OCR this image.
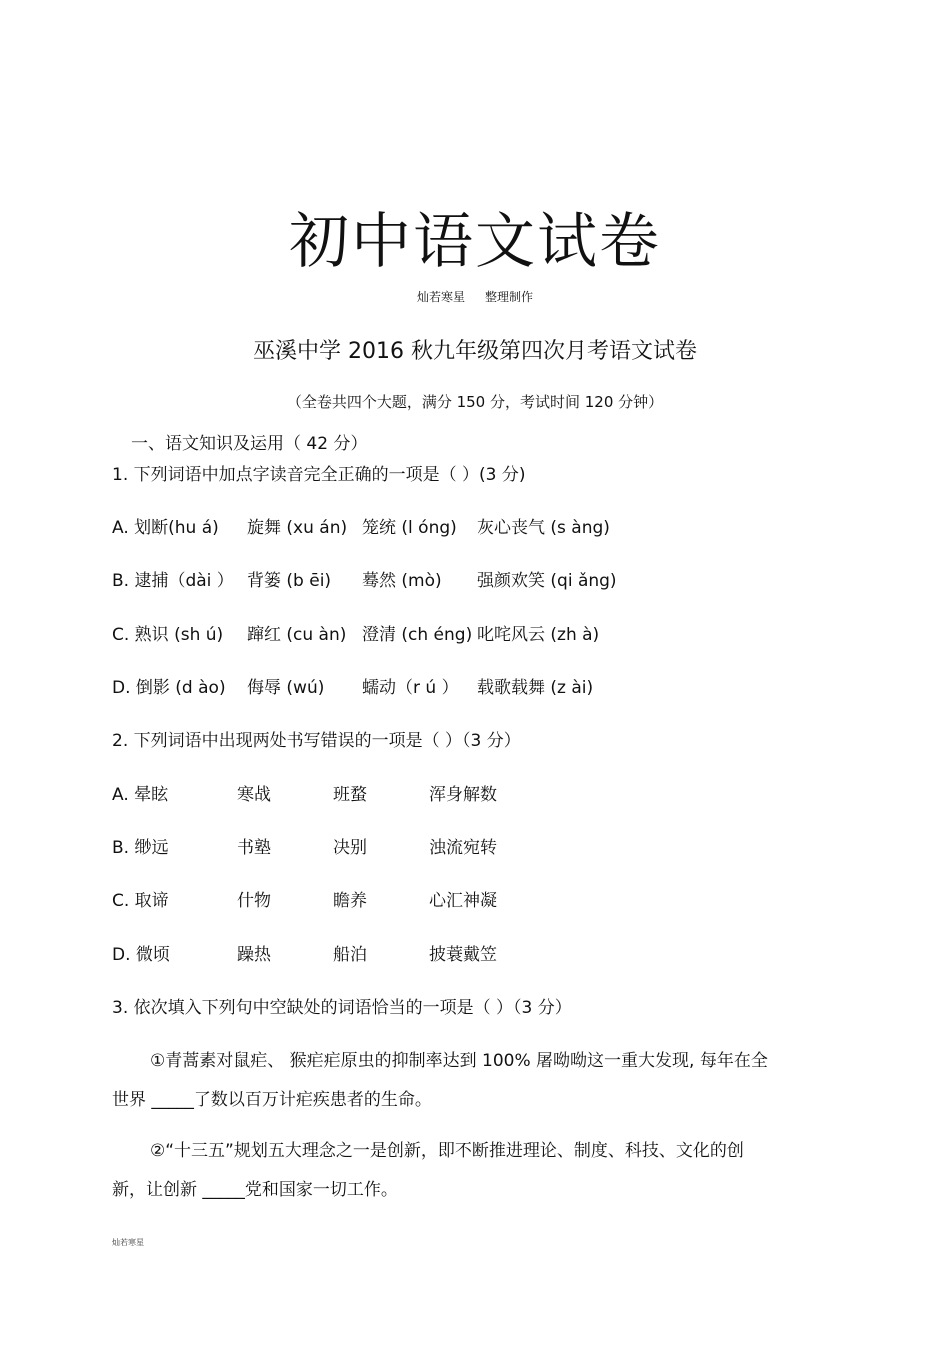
初中语文试卷
灿若寒星 整理制作
巫溪中学 2016 秋九年级第四次月考语文试卷
（全卷共四个大题，满分 150 分，考试时间 120 分钟）
一、语文知识及运用（ 42 分）
1. 下列词语中加点字读音完全正确的一项是（ ）(3 分)
A. 划断(hu á) 旋舞 (xu án) 笼统 (l óng) 灰心丧气 (s àng)
B. 逮捕（dài ） 背篓 (b ēi) 蓦然 (mò) 强颜欢笑 (qi ǎng)
C. 熟识 (sh ú) 蹿红 (cu àn) 澄清 (ch éng) 叱咤风云 (zh à)
D. 倒影 (d ào) 侮辱 (wú) 蠕动（r ú ） 载歌载舞 (z ài)
2. 下列词语中出现两处书写错误的一项是（ ）（3 分）
A. 晕眩	寒战	班蝥	浑身解数
B. 缈远	书塾	决别	浊流宛转
C. 取谛	什物	瞻养	心汇神凝
D. 微顷	躁热	船泊	披蓑戴笠
3. 依次填入下列句中空缺处的词语恰当的一项是（ ）（3 分）
①青蒿素对鼠疟、 猴疟疟原虫的抑制率达到 100% 屠呦呦这一重大发现, 每年在全
世界 _____了数以百万计疟疾患者的生命。
②“十三五”规划五大理念之一是创新，即不断推进理论、制度、科技、文化的创
新，让创新 _____党和国家一切工作。
灿若寒星
